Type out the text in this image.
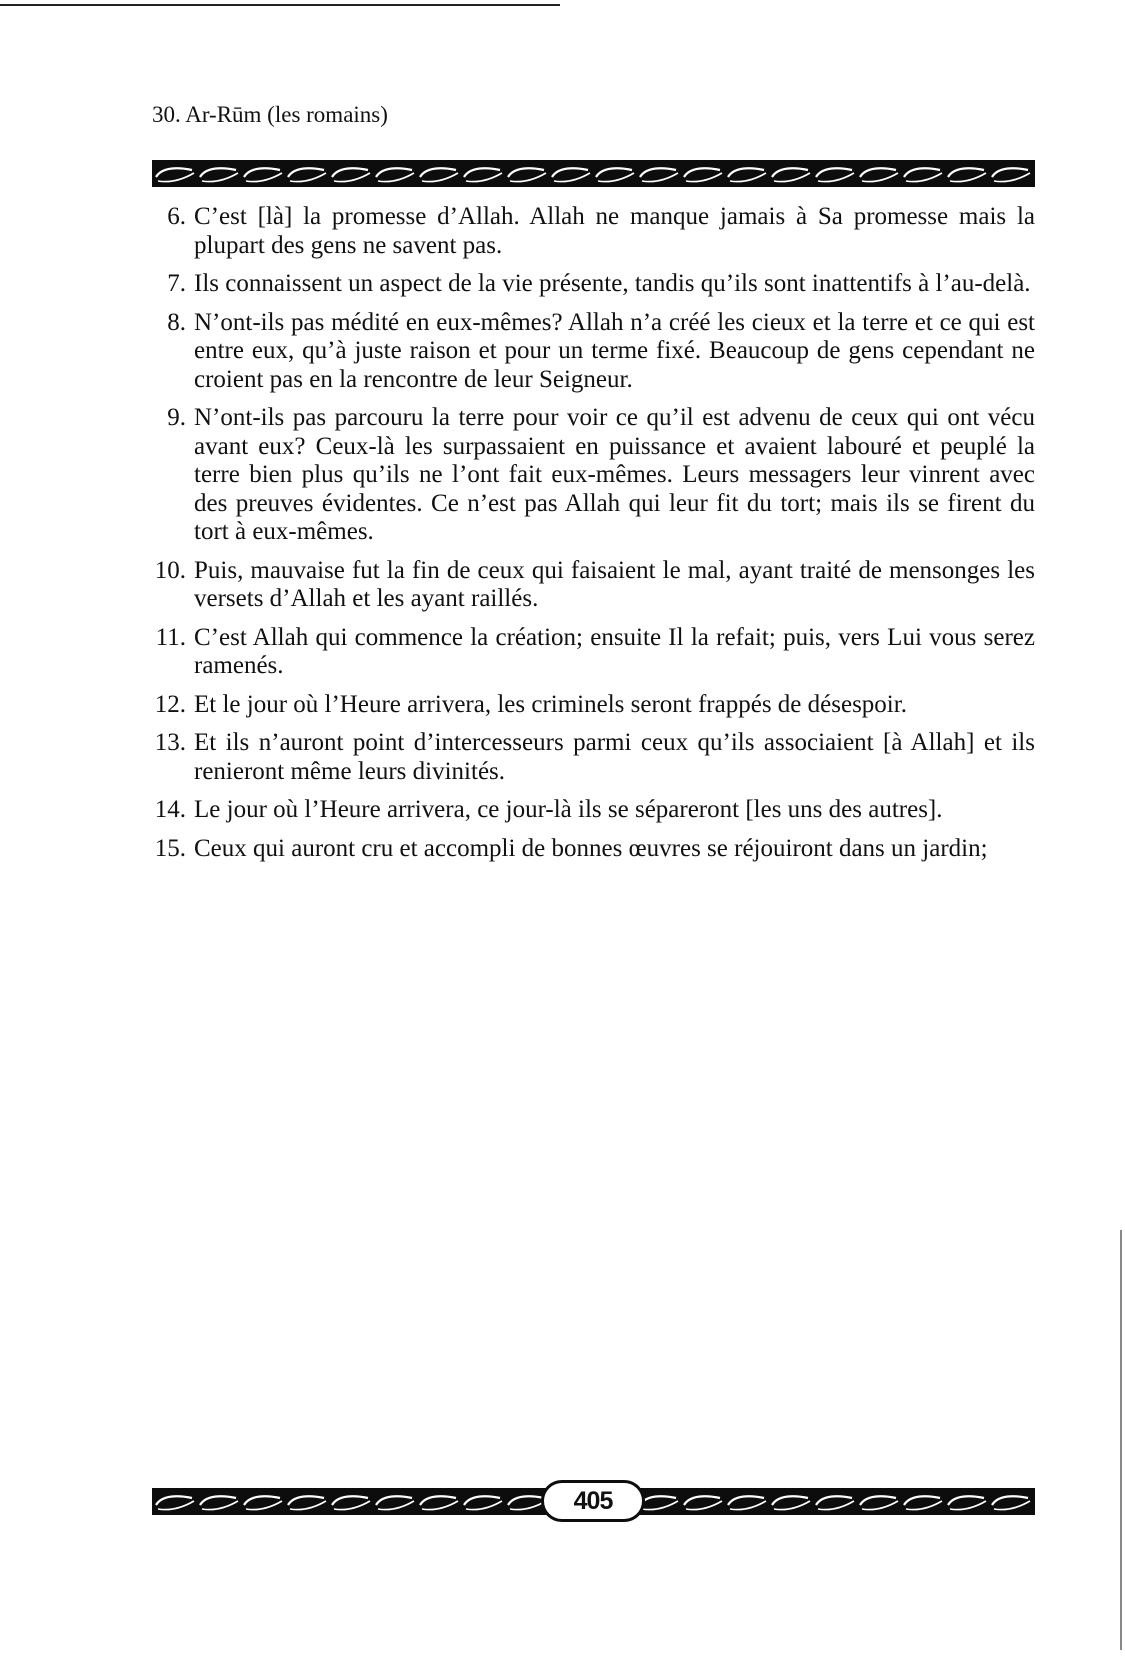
30. Ar-Rūm (les romains)
6. C’est [là] la promesse d’Allah. Allah ne manque jamais à Sa promesse mais la plupart des gens ne savent pas.
7. Ils connaissent un aspect de la vie présente, tandis qu’ils sont inattentifs à l’au-delà.
8. N’ont-ils pas médité en eux-mêmes? Allah n’a créé les cieux et la terre et ce qui est entre eux, qu’à juste raison et pour un terme fixé. Beaucoup de gens cependant ne croient pas en la rencontre de leur Seigneur.
9. N’ont-ils pas parcouru la terre pour voir ce qu’il est advenu de ceux qui ont vécu avant eux? Ceux-là les surpassaient en puissance et avaient labouré et peuplé la terre bien plus qu’ils ne l’ont fait eux-mêmes. Leurs messagers leur vinrent avec des preuves évidentes. Ce n’est pas Allah qui leur fit du tort; mais ils se firent du tort à eux-mêmes.
10. Puis, mauvaise fut la fin de ceux qui faisaient le mal, ayant traité de mensonges les versets d’Allah et les ayant raillés.
11. C’est Allah qui commence la création; ensuite Il la refait; puis, vers Lui vous serez ramenés.
12. Et le jour où l’Heure arrivera, les criminels seront frappés de désespoir.
13. Et ils n’auront point d’intercesseurs parmi ceux qu’ils associaient [à Allah] et ils renieront même leurs divinités.
14. Le jour où l’Heure arrivera, ce jour-là ils se sépareront [les uns des autres].
15. Ceux qui auront cru et accompli de bonnes œuvres se réjouiront dans un jardin;
405
